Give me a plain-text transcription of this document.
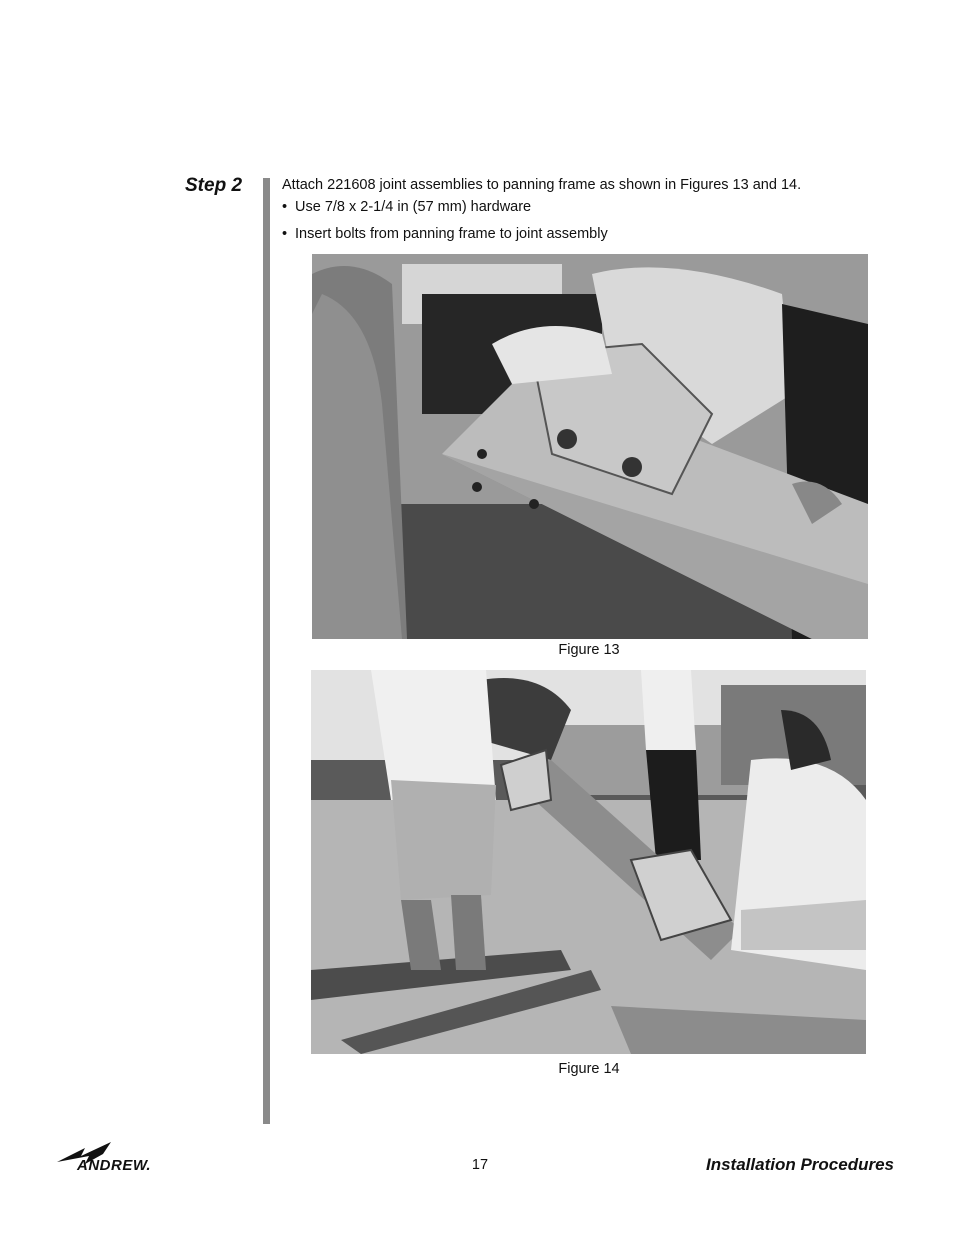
Step 2	Attach 221608 joint assemblies to panning frame as shown in Figures 13 and 14.
• Use 7/8 x 2-1/4 in (57 mm) hardware
• Insert bolts from panning frame to joint assembly
Figure 13
Figure 14
ANDREW.	17	Installation Procedures
